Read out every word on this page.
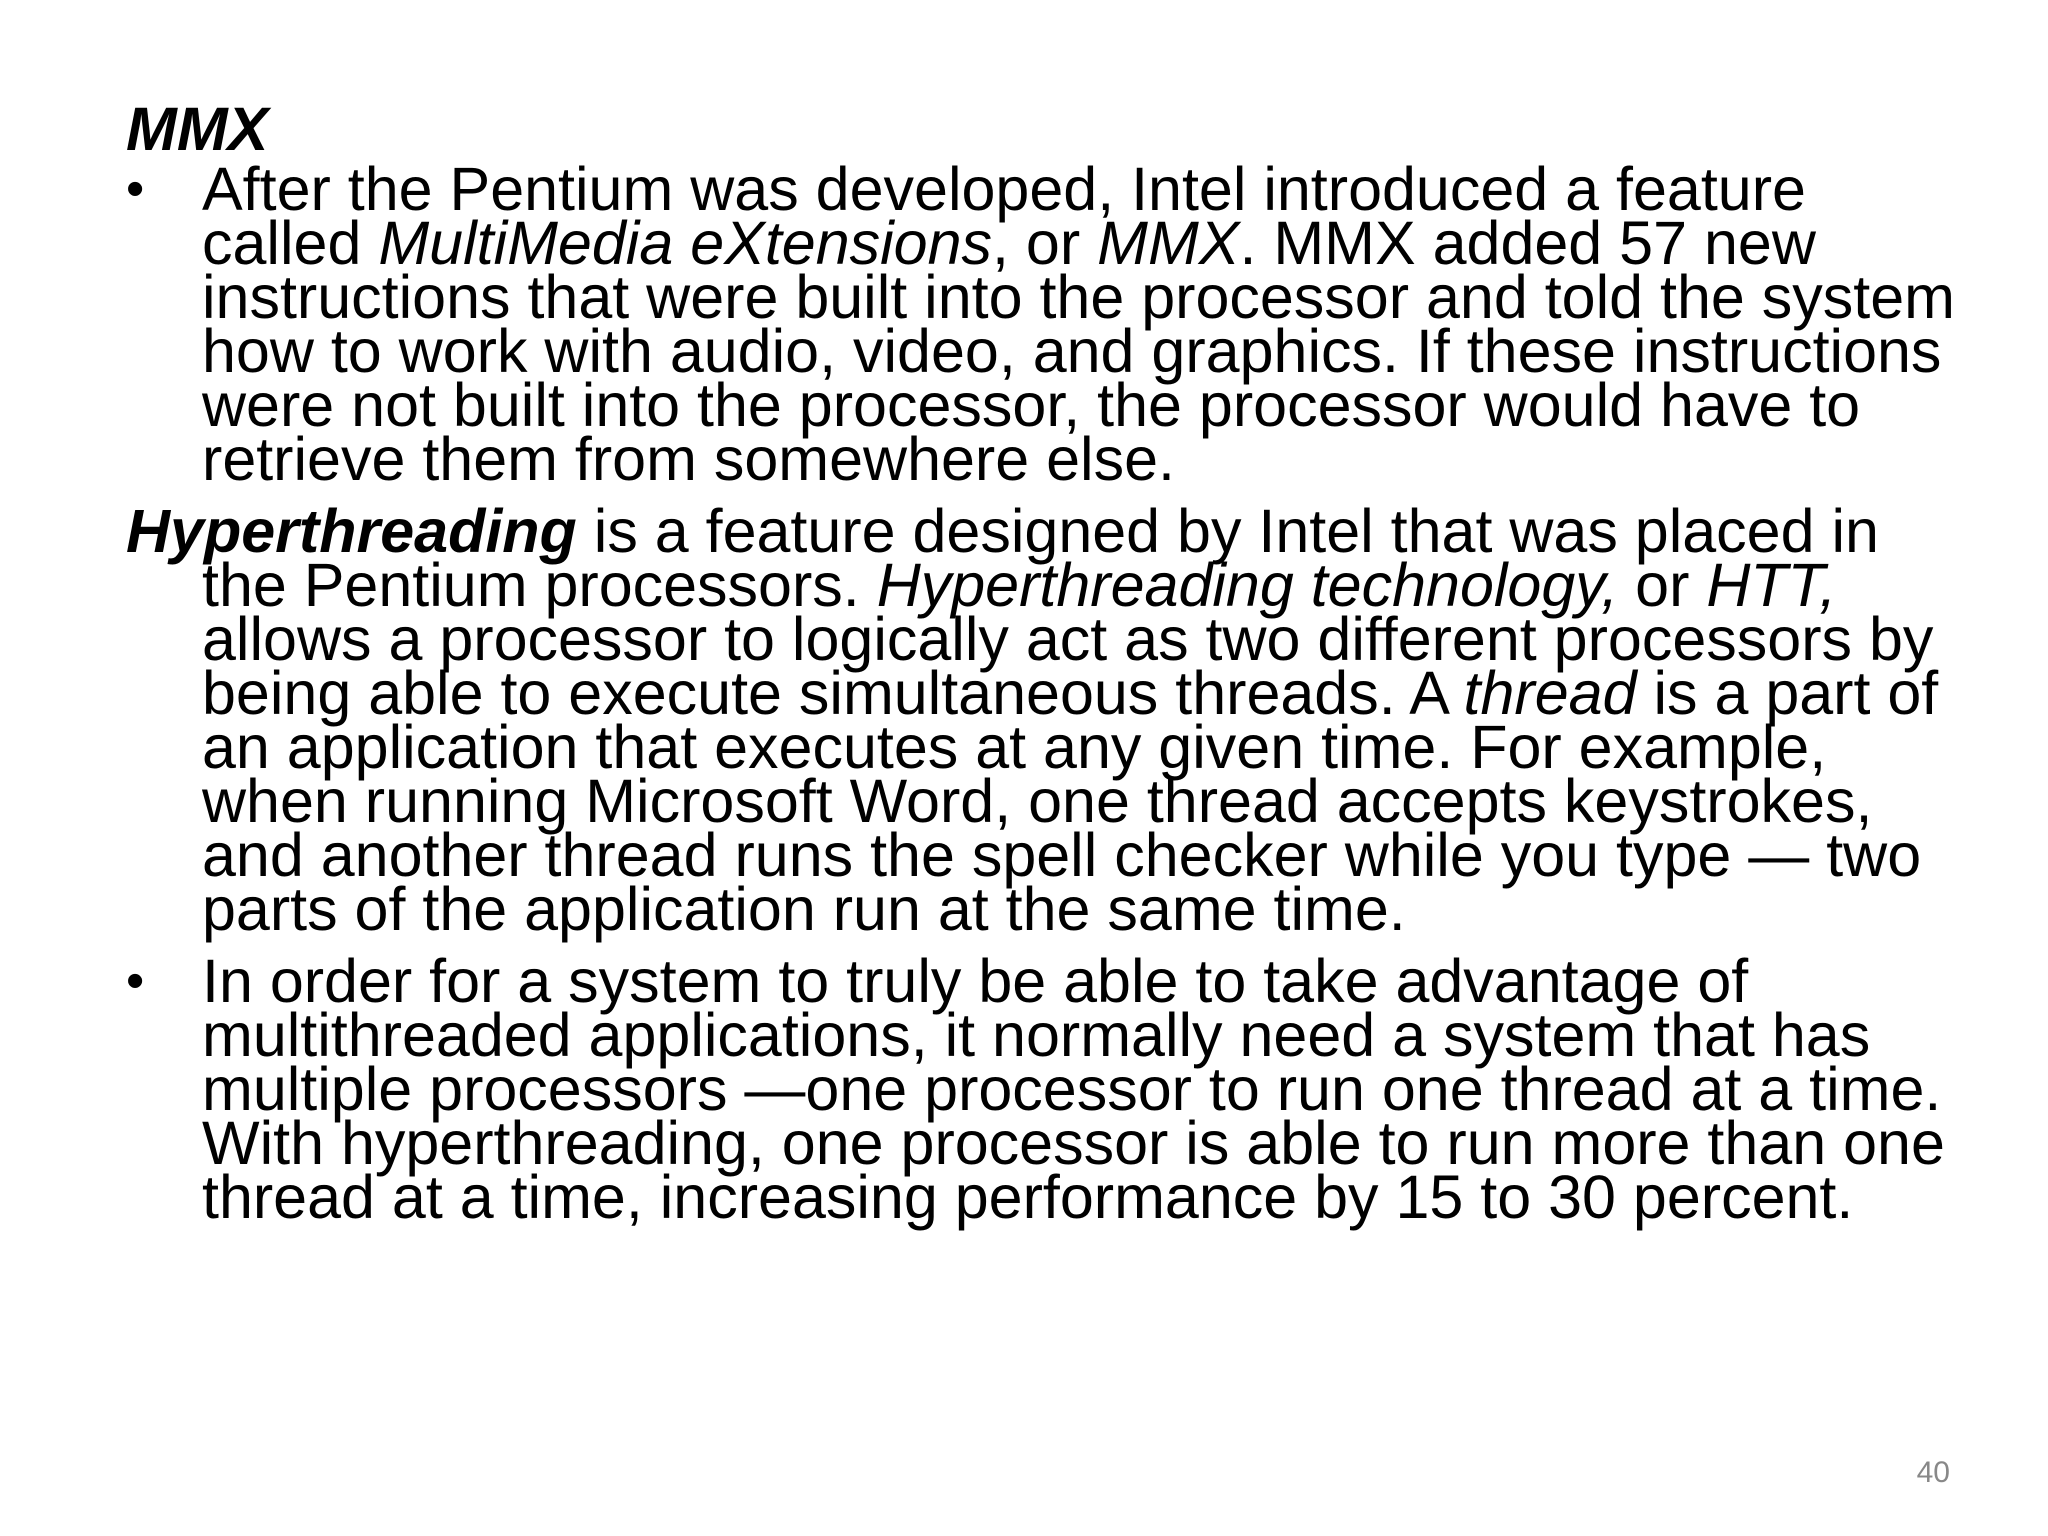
MMX

• After the Pentium was developed, Intel introduced a feature called MultiMedia eXtensions, or MMX. MMX added 57 new instructions that were built into the processor and told the system how to work with audio, video, and graphics. If these instructions were not built into the processor, the processor would have to retrieve them from somewhere else.

Hyperthreading is a feature designed by Intel that was placed in the Pentium processors. Hyperthreading technology, or HTT, allows a processor to logically act as two different processors by being able to execute simultaneous threads. A thread is a part of an application that executes at any given time. For example, when running Microsoft Word, one thread accepts keystrokes, and another thread runs the spell checker while you type — two parts of the application run at the same time.

• In order for a system to truly be able to take advantage of multithreaded applications, it normally need a system that has multiple processors —one processor to run one thread at a time. With hyperthreading, one processor is able to run more than one thread at a time, increasing performance by 15 to 30 percent.

40
